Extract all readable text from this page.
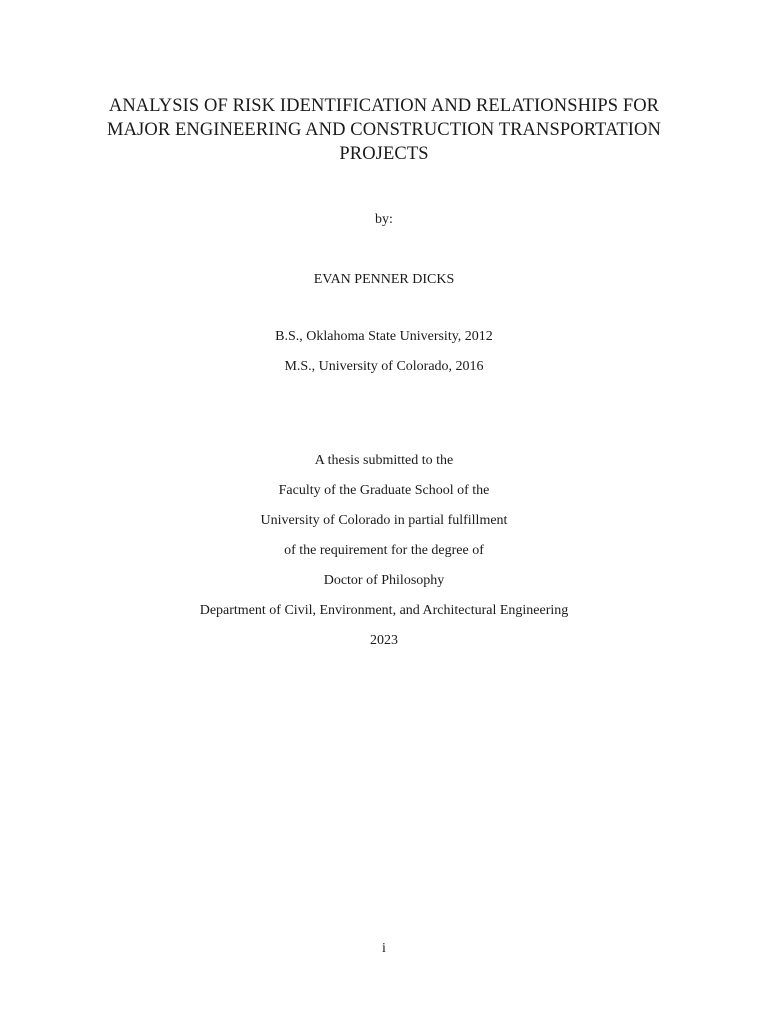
ANALYSIS OF RISK IDENTIFICATION AND RELATIONSHIPS FOR
MAJOR ENGINEERING AND CONSTRUCTION TRANSPORTATION
PROJECTS
by:
EVAN PENNER DICKS
B.S., Oklahoma State University, 2012
M.S., University of Colorado, 2016
A thesis submitted to the
Faculty of the Graduate School of the
University of Colorado in partial fulfillment
of the requirement for the degree of
Doctor of Philosophy
Department of Civil, Environment, and Architectural Engineering
2023
i
